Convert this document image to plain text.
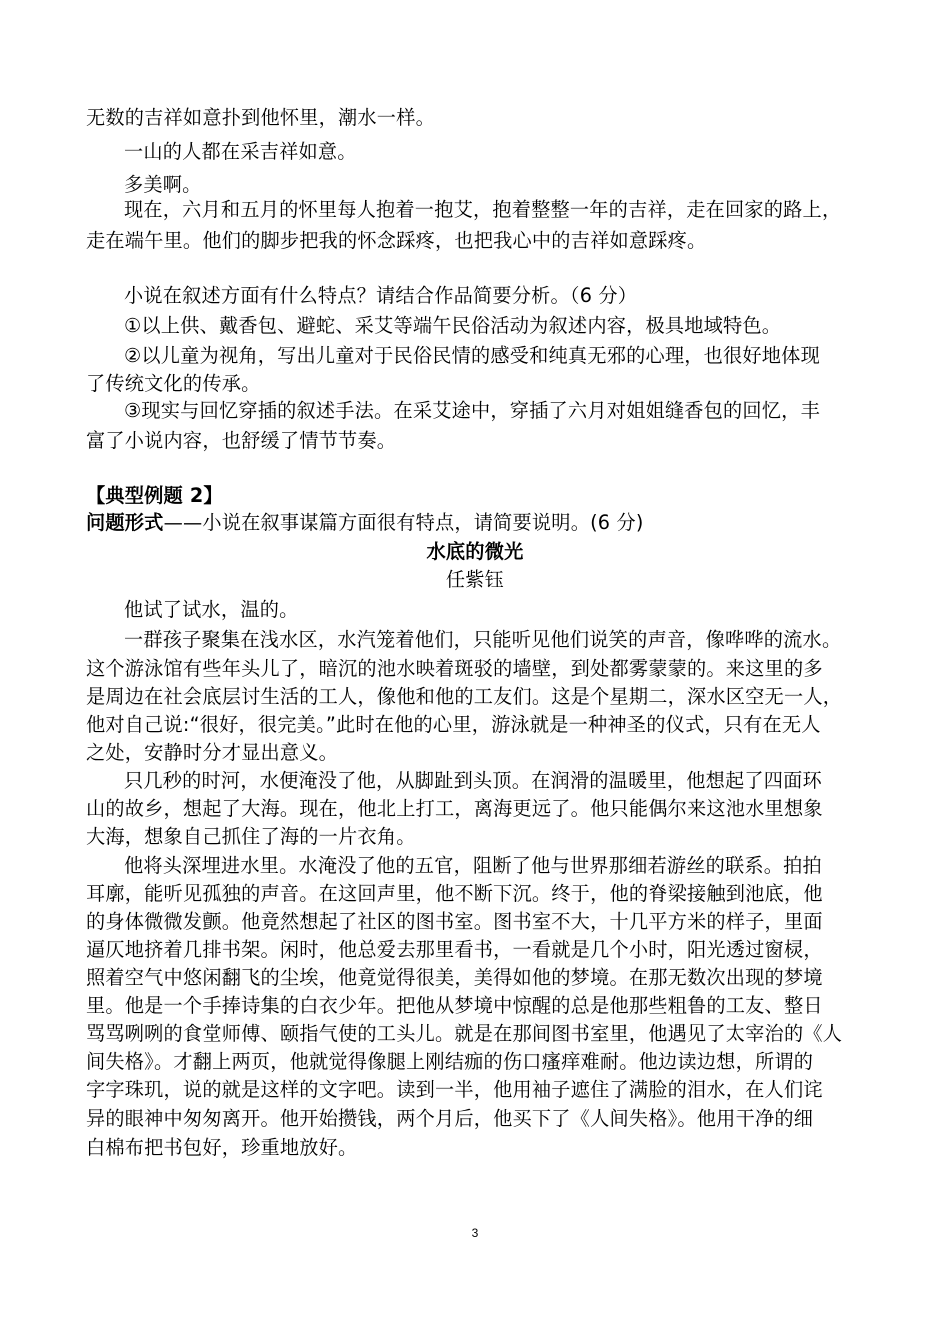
无数的吉祥如意扑到他怀里，潮水一样。
一山的人都在采吉祥如意。
多美啊。
现在，六月和五月的怀里每人抱着一抱艾，抱着整整一年的吉祥，走在回家的路上，
走在端午里。他们的脚步把我的怀念踩疼，也把我心中的吉祥如意踩疼。
小说在叙述方面有什么特点？请结合作品简要分析。（6 分）
①以上供、戴香包、避蛇、采艾等端午民俗活动为叙述内容，极具地域特色。
②以儿童为视角，写出儿童对于民俗民情的感受和纯真无邪的心理，也很好地体现
了传统文化的传承。
③现实与回忆穿插的叙述手法。在采艾途中，穿插了六月对姐姐缝香包的回忆，丰
富了小说内容，也舒缓了情节节奏。
【典型例题 2】
问题形式——小说在叙事谋篇方面很有特点，请简要说明。(6 分)
水底的微光
任紫钰
他试了试水，温的。
一群孩子聚集在浅水区，水汽笼着他们，只能听见他们说笑的声音，像哗哗的流水。
这个游泳馆有些年头儿了，暗沉的池水映着斑驳的墙壁，到处都雾蒙蒙的。来这里的多
是周边在社会底层讨生活的工人，像他和他的工友们。这是个星期二，深水区空无一人，
他对自己说:“很好，很完美。”此时在他的心里，游泳就是一种神圣的仪式，只有在无人
之处，安静时分才显出意义。
只几秒的时河，水便淹没了他，从脚趾到头顶。在润滑的温暖里，他想起了四面环
山的故乡，想起了大海。现在，他北上打工，离海更远了。他只能偶尔来这池水里想象
大海，想象自己抓住了海的一片衣角。
他将头深埋进水里。水淹没了他的五官，阻断了他与世界那细若游丝的联系。拍拍
耳廓，能听见孤独的声音。在这回声里，他不断下沉。终于，他的脊梁接触到池底，他
的身体微微发颤。他竟然想起了社区的图书室。图书室不大，十几平方米的样子，里面
逼仄地挤着几排书架。闲时，他总爱去那里看书，一看就是几个小时，阳光透过窗棂，
照着空气中悠闲翻飞的尘埃，他竟觉得很美，美得如他的梦境。在那无数次出现的梦境
里。他是一个手捧诗集的白衣少年。把他从梦境中惊醒的总是他那些粗鲁的工友、整日
骂骂咧咧的食堂师傅、颐指气使的工头儿。就是在那间图书室里，他遇见了太宰治的《人
间失格》。才翻上两页，他就觉得像腿上刚结痂的伤口瘙痒难耐。他边读边想，所谓的
字字珠玑，说的就是这样的文字吧。读到一半，他用袖子遮住了满脸的泪水，在人们诧
异的眼神中匆匆离开。他开始攒钱，两个月后，他买下了《人间失格》。他用干净的细
白棉布把书包好，珍重地放好。
3
